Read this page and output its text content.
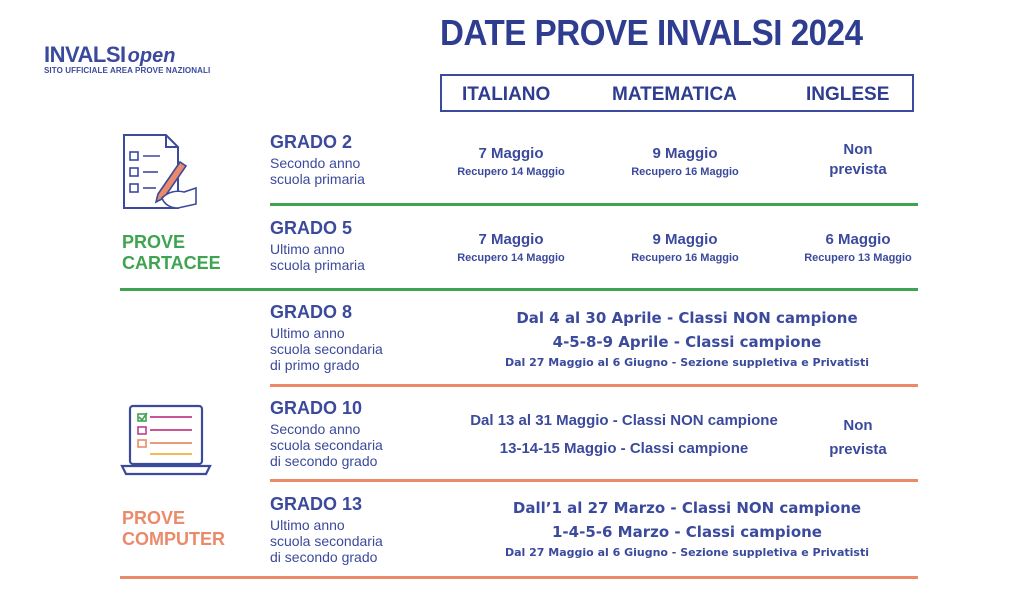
INVALSI open
SITO UFFICIALE AREA PROVE NAZIONALI
DATE PROVE INVALSI 2024
ITALIANO	MATEMATICA	INGLESE
PROVE
CARTACEE
PROVE
COMPUTER
GRADO 2
Secondo anno
scuola primaria
7 Maggio
Recupero 14 Maggio
9 Maggio
Recupero 16 Maggio
Non
prevista
GRADO 5
Ultimo anno
scuola primaria
7 Maggio
Recupero 14 Maggio
9 Maggio
Recupero 16 Maggio
6 Maggio
Recupero 13 Maggio
GRADO 8
Ultimo anno
scuola secondaria
di primo grado
Dal 4 al 30 Aprile - Classi NON campione
4-5-8-9 Aprile - Classi campione
Dal 27 Maggio al 6 Giugno - Sezione suppletiva e Privatisti
GRADO 10
Secondo anno
scuola secondaria
di secondo grado
Dal 13 al 31 Maggio - Classi NON campione
13-14-15 Maggio - Classi campione
Non
prevista
GRADO 13
Ultimo anno
scuola secondaria
di secondo grado
Dall’1 al 27 Marzo - Classi NON campione
1-4-5-6 Marzo - Classi campione
Dal 27 Maggio al 6 Giugno - Sezione suppletiva e Privatisti
